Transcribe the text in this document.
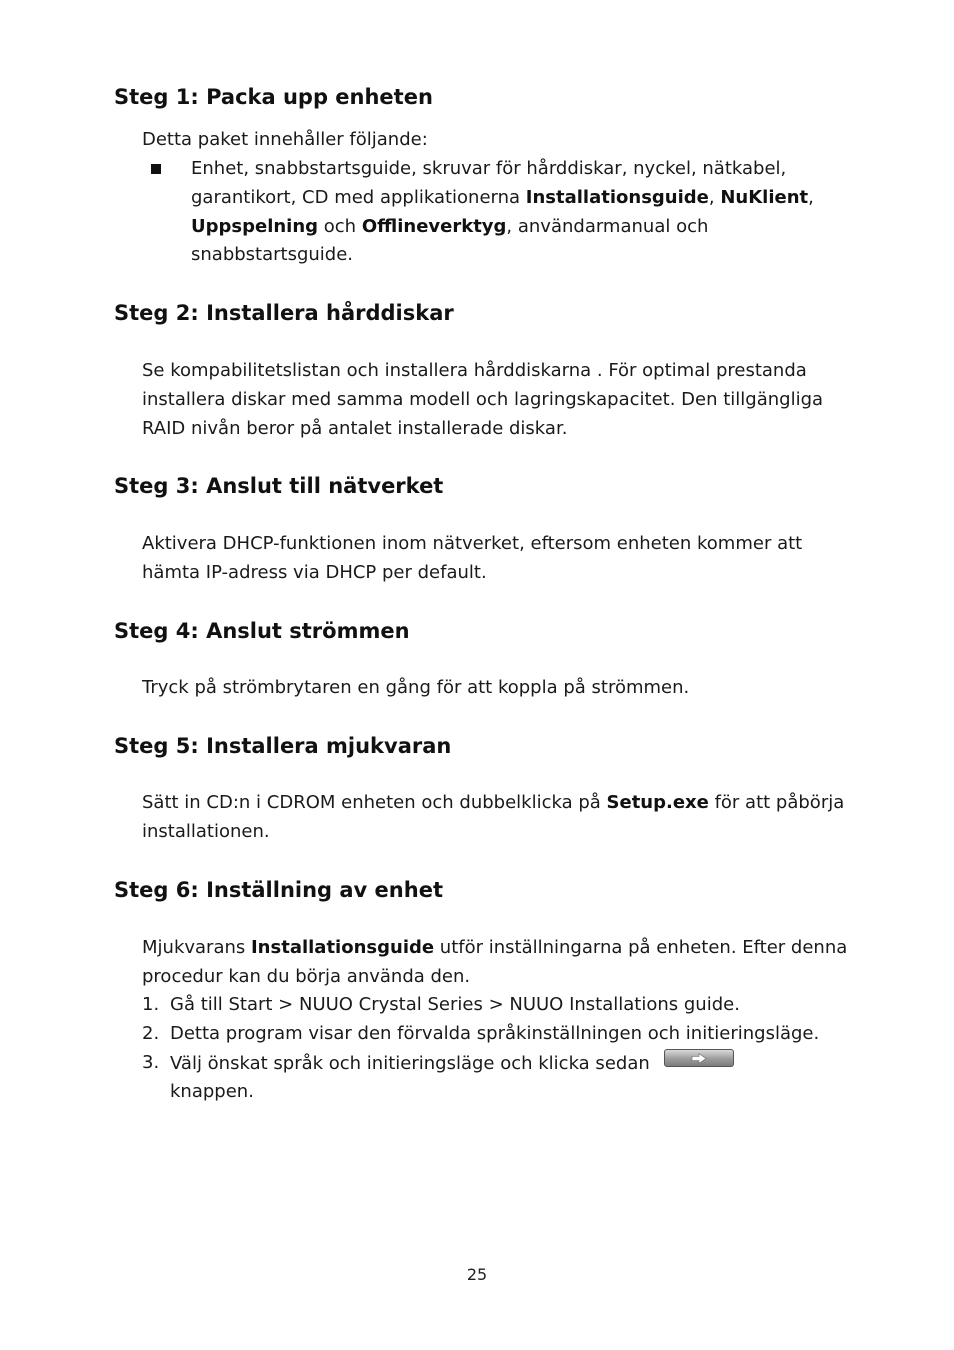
Steg 1: Packa upp enheten

Detta paket innehåller följande:

Enhet, snabbstartsguide, skruvar för hårddiskar, nyckel, nätkabel, garantikort, CD med applikationerna Installationsguide, NuKlient, Uppspelning och Offlineverktyg, användarmanual och snabbstartsguide.

Steg 2: Installera hårddiskar

Se kompabilitetslistan och installera hårddiskarna . För optimal prestanda installera diskar med samma modell och lagringskapacitet. Den tillgängliga RAID nivån beror på antalet installerade diskar.

Steg 3: Anslut till nätverket

Aktivera DHCP-funktionen inom nätverket, eftersom enheten kommer att hämta IP-adress via DHCP per default.

Steg 4: Anslut strömmen

Tryck på strömbrytaren en gång för att koppla på strömmen.

Steg 5: Installera mjukvaran

Sätt in CD:n i CDROM enheten och dubbelklicka på Setup.exe för att påbörja installationen.

Steg 6: Inställning av enhet

Mjukvarans Installationsguide utför inställningarna på enheten. Efter denna procedur kan du börja använda den.

1. Gå till Start > NUUO Crystal Series > NUUO Installations guide.
2. Detta program visar den förvalda språkinställningen och initieringsläge.
3. Välj önskat språk och initieringsläge och klicka sedan

knappen.
25
